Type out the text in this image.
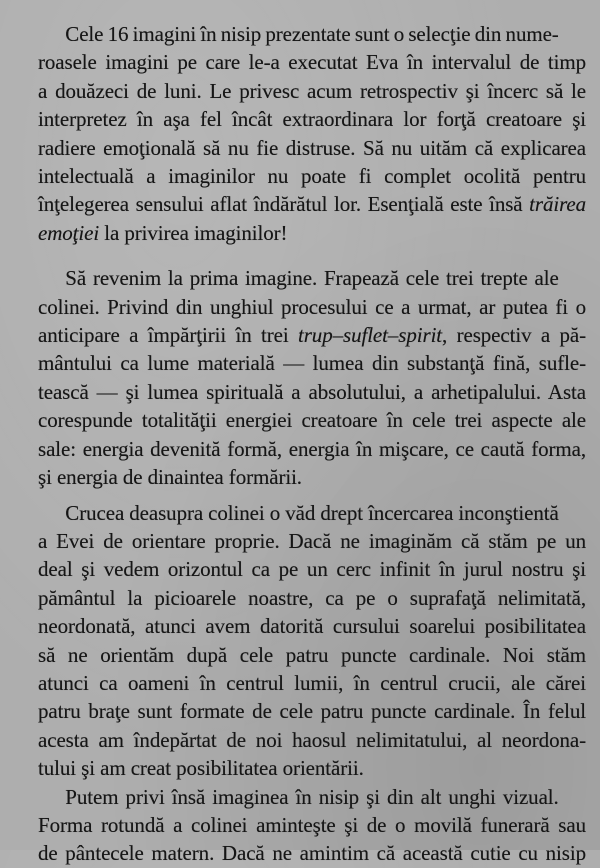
Cele 16 imagini în nisip prezentate sunt o selecţie din nume-
roasele imagini pe care le-a executat Eva în intervalul de timp
a douăzeci de luni. Le privesc acum retrospectiv şi încerc să le
interpretez în aşa fel încât extraordinara lor forţă creatoare şi
radiere emoţională să nu fie distruse. Să nu uităm că explicarea
intelectuală a imaginilor nu poate fi complet ocolită pentru
înţelegerea sensului aflat îndărătul lor. Esenţială este însă trăirea
emoţiei la privirea imaginilor!

Să revenim la prima imagine. Frapează cele trei trepte ale
colinei. Privind din unghiul procesului ce a urmat, ar putea fi o
anticipare a împărţirii în trei trup–suflet–spirit, respectiv a pă-
mântului ca lume materială — lumea din substanţă fină, sufle-
tească — şi lumea spirituală a absolutului, a arhetipalului. Asta
corespunde totalităţii energiei creatoare în cele trei aspecte ale
sale: energia devenită formă, energia în mişcare, ce caută forma,
şi energia de dinaintea formării.

Crucea deasupra colinei o văd drept încercarea inconştientă
a Evei de orientare proprie. Dacă ne imaginăm că stăm pe un
deal şi vedem orizontul ca pe un cerc infinit în jurul nostru şi
pământul la picioarele noastre, ca pe o suprafaţă nelimitată,
neordonată, atunci avem datorită cursului soarelui posibilitatea
să ne orientăm după cele patru puncte cardinale. Noi stăm
atunci ca oameni în centrul lumii, în centrul crucii, ale cărei
patru braţe sunt formate de cele patru puncte cardinale. În felul
acesta am îndepărtat de noi haosul nelimitatului, al neordona-
tului şi am creat posibilitatea orientării.

Putem privi însă imaginea în nisip şi din alt unghi vizual.
Forma rotundă a colinei aminteşte şi de o movilă funerară sau
de pântecele matern. Dacă ne amintim că această cutie cu nisip
